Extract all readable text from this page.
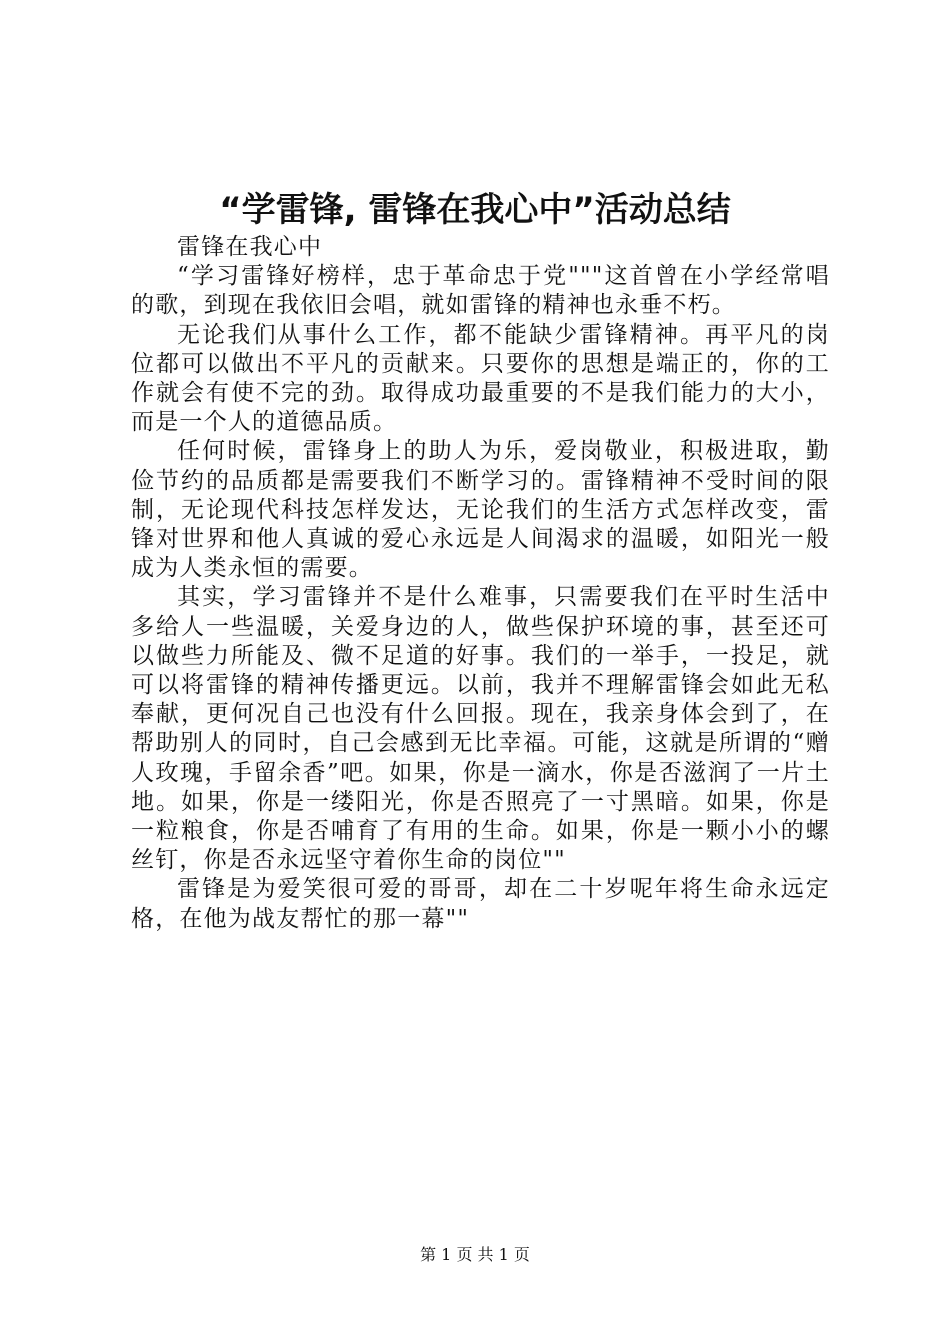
“学雷锋, 雷锋在我心中”活动总结

雷锋在我心中

“学习雷锋好榜样，忠于革命忠于党"""这首曾在小学经常唱的歌，到现在我依旧会唱，就如雷锋的精神也永垂不朽。

无论我们从事什么工作，都不能缺少雷锋精神。再平凡的岗位都可以做出不平凡的贡献来。只要你的思想是端正的，你的工作就会有使不完的劲。取得成功最重要的不是我们能力的大小，而是一个人的道德品质。

任何时候，雷锋身上的助人为乐，爱岗敬业，积极进取，勤俭节约的品质都是需要我们不断学习的。雷锋精神不受时间的限制，无论现代科技怎样发达，无论我们的生活方式怎样改变，雷锋对世界和他人真诚的爱心永远是人间渴求的温暖，如阳光一般成为人类永恒的需要。

其实，学习雷锋并不是什么难事，只需要我们在平时生活中多给人一些温暖，关爱身边的人，做些保护环境的事，甚至还可以做些力所能及、微不足道的好事。我们的一举手，一投足，就可以将雷锋的精神传播更远。以前，我并不理解雷锋会如此无私奉献，更何况自己也没有什么回报。现在，我亲身体会到了，在帮助别人的同时，自己会感到无比幸福。可能，这就是所谓的“赠人玫瑰，手留余香”吧。如果，你是一滴水，你是否滋润了一片土地。如果，你是一缕阳光，你是否照亮了一寸黑暗。如果，你是一粒粮食，你是否哺育了有用的生命。如果，你是一颗小小的螺丝钉，你是否永远坚守着你生命的岗位""

雷锋是为爱笑很可爱的哥哥，却在二十岁呢年将生命永远定格，在他为战友帮忙的那一幕""

第 1 页 共 1 页
